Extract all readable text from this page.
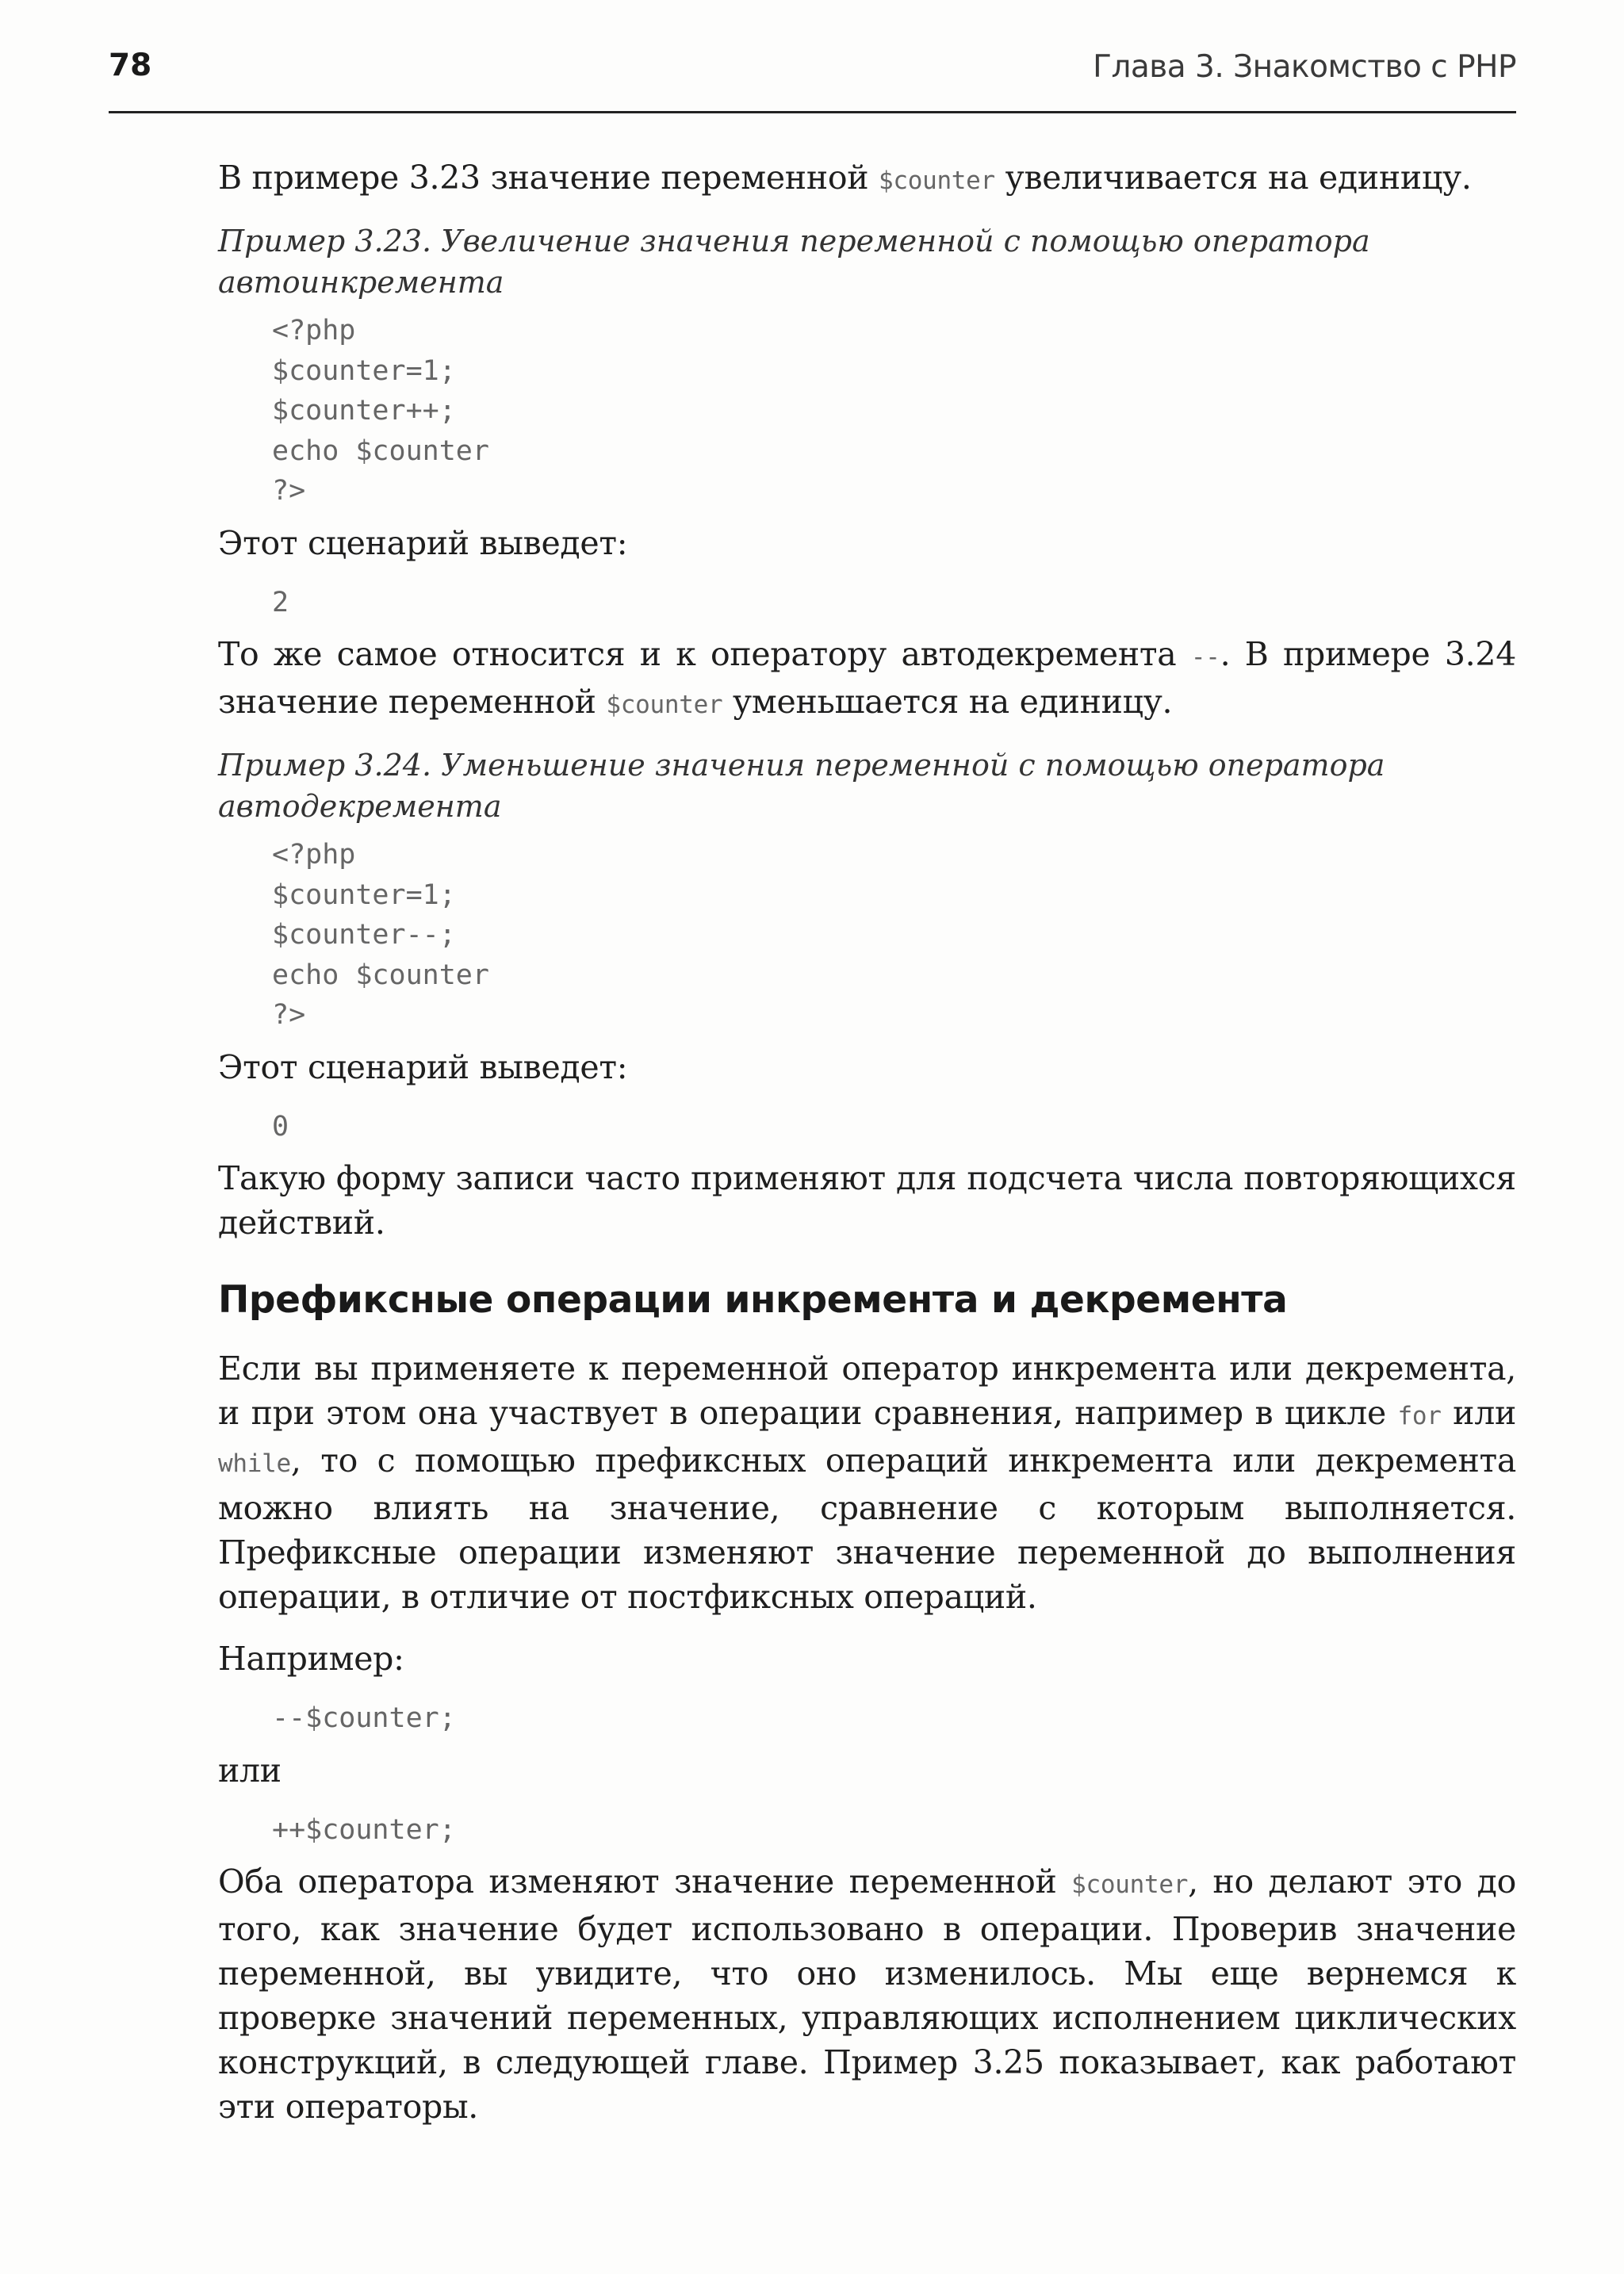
78	Глава 3. Знакомство с PHP

В примере 3.23 значение переменной $counter увеличивается на единицу.

Пример 3.23. Увеличение значения переменной с помощью оператора автоинкремента

<?php
$counter=1;
$counter++;
echo $counter
?>

Этот сценарий выведет:

2

То же самое относится и к оператору автодекремента --. В примере 3.24 значение переменной $counter уменьшается на единицу.

Пример 3.24. Уменьшение значения переменной с помощью оператора автодекремента

<?php
$counter=1;
$counter--;
echo $counter
?>

Этот сценарий выведет:

0

Такую форму записи часто применяют для подсчета числа повторяющихся действий.

Префиксные операции инкремента и декремента

Если вы применяете к переменной оператор инкремента или декремента, и при этом она участвует в операции сравнения, например в цикле for или while, то с помощью префиксных операций инкремента или декремента можно влиять на значение, сравнение с которым выполняется. Префиксные операции изменяют значение переменной до выполнения операции, в отличие от постфиксных операций.

Например:

--$counter;

или

++$counter;

Оба оператора изменяют значение переменной $counter, но делают это до того, как значение будет использовано в операции. Проверив значение переменной, вы увидите, что оно изменилось. Мы еще вернемся к проверке значений переменных, управляющих исполнением циклических конструкций, в следующей главе. Пример 3.25 показывает, как работают эти операторы.
